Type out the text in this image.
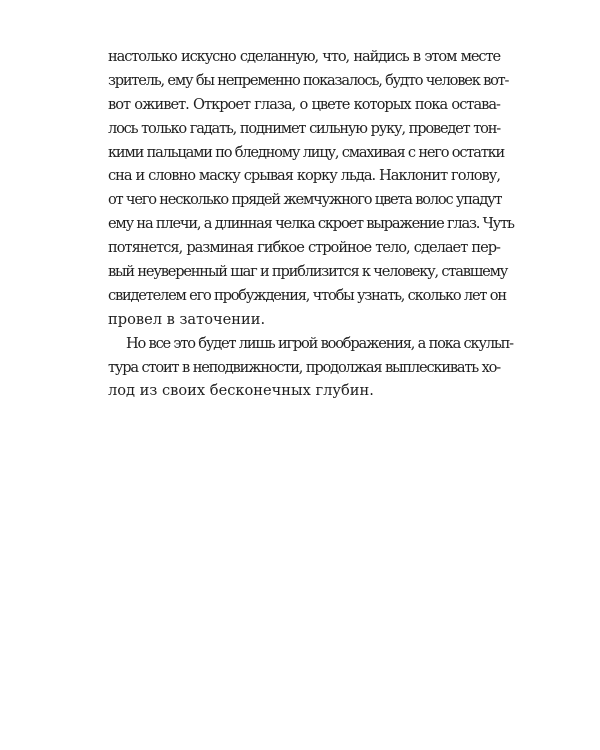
настолько искусно сделанную, что, найдись в этом месте
зритель, ему бы непременно показалось, будто человек вот-
вот оживет. Откроет глаза, о цвете которых пока оставa-
лось только гадать, поднимет сильную руку, проведет тон-
кими пальцами по бледному лицу, смахивая с него остатки
сна и словно маску срывая корку льда. Наклонит голову,
от чего несколько прядей жемчужного цвета волос упадут
ему на плечи, а длинная челка скроет выражение глаз. Чуть
потянется, разминая гибкое стройное тело, сделает пер-
вый неуверенный шаг и приблизится к человеку, ставшему
свидетелем его пробуждения, чтобы узнать, сколько лет он
провел в заточении.
Но все это будет лишь игрой воображения, а пока скульп-
тура стоит в неподвижности, продолжая выплескивать хо-
лод из своих бесконечных глубин.
